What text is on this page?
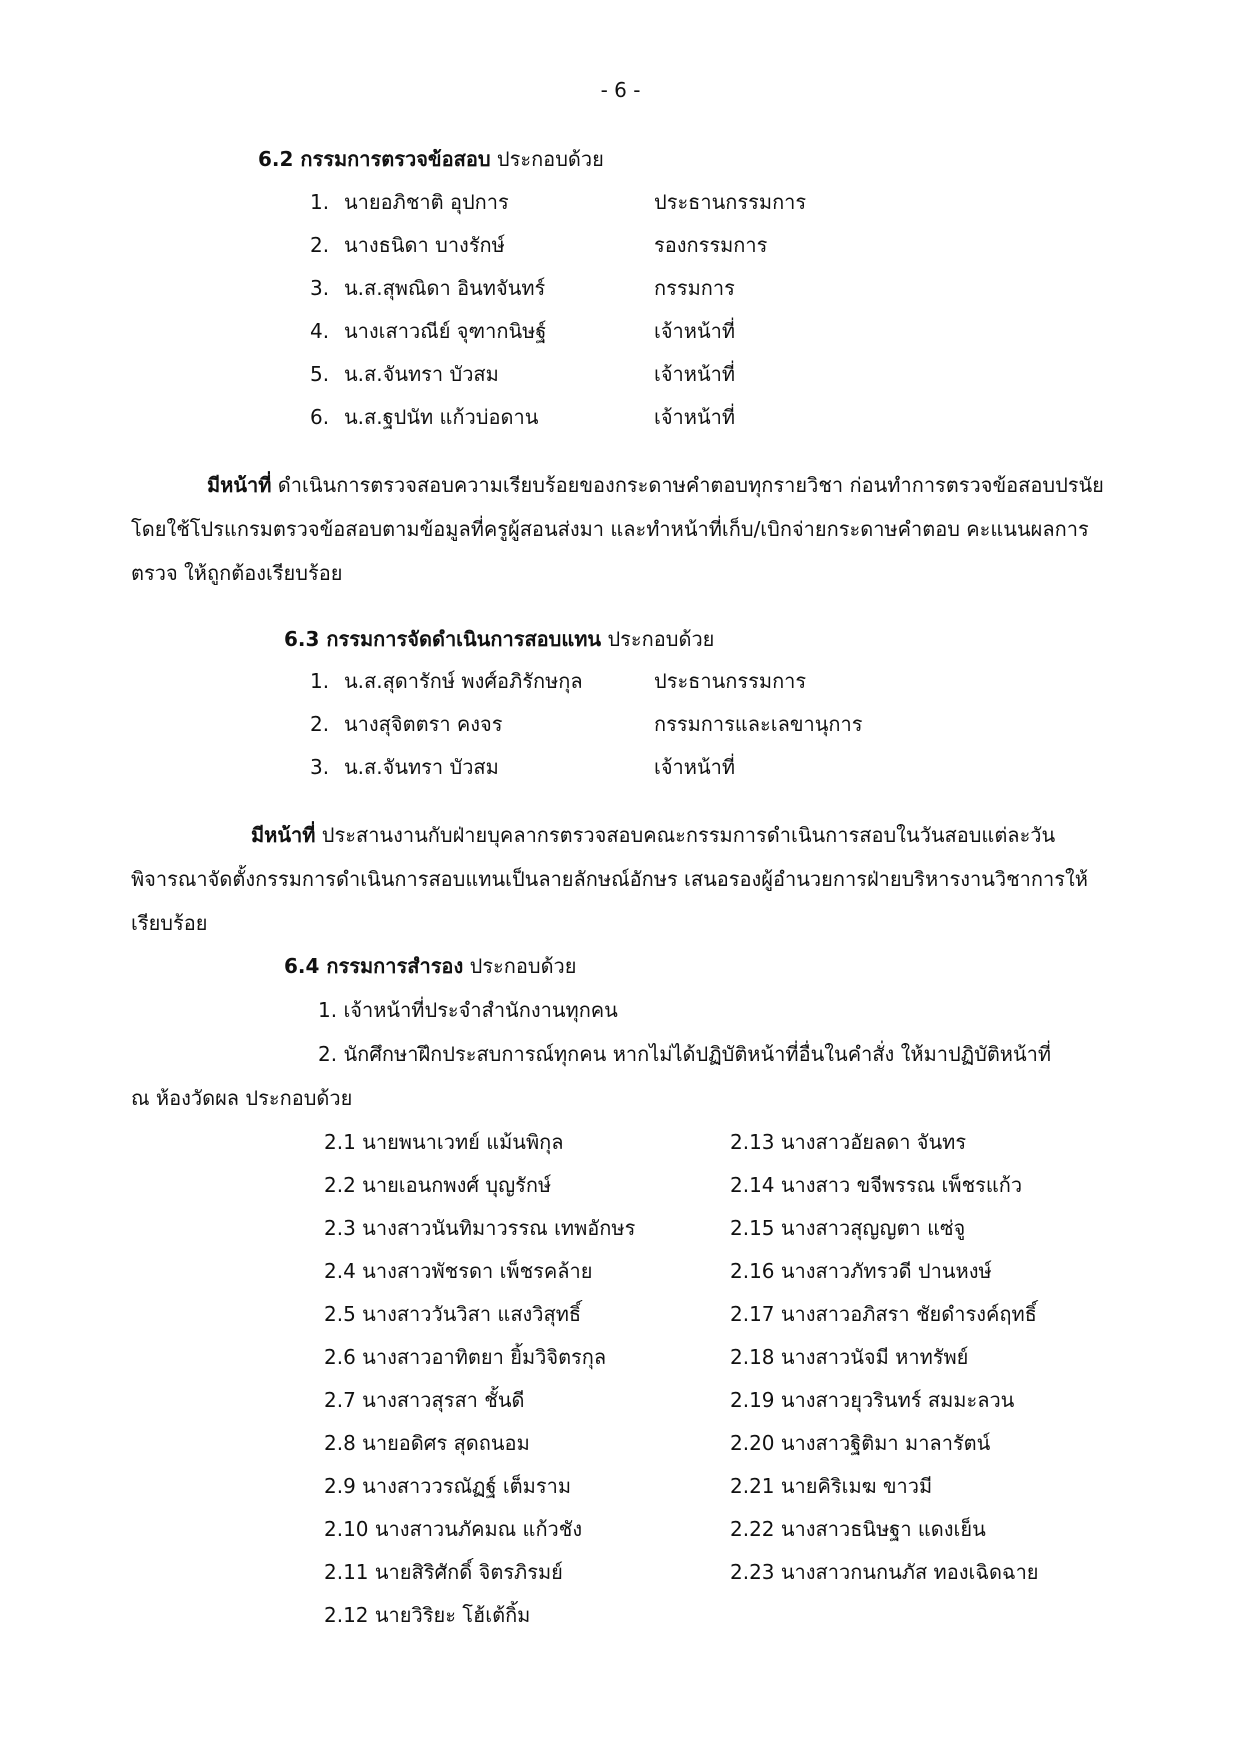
- 6 -
6.2 กรรมการตรวจข้อสอบ ประกอบด้วย
1. นายอภิชาติ อุปการ	ประธานกรรมการ
2. นางธนิดา บางรักษ์	รองกรรมการ
3. น.ส.สุพณิดา อินทจันทร์	กรรมการ
4. นางเสาวณีย์ จุฑากนิษฐ์	เจ้าหน้าที่
5. น.ส.จันทรา บัวสม	เจ้าหน้าที่
6. น.ส.ฐปนัท แก้วบ่อดาน	เจ้าหน้าที่
มีหน้าที่ ดำเนินการตรวจสอบความเรียบร้อยของกระดาษคำตอบทุกรายวิชา ก่อนทำการตรวจข้อสอบปรนัย
โดยใช้โปรแกรมตรวจข้อสอบตามข้อมูลที่ครูผู้สอนส่งมา และทำหน้าที่เก็บ/เบิกจ่ายกระดาษคำตอบ คะแนนผลการ
ตรวจ ให้ถูกต้องเรียบร้อย
6.3 กรรมการจัดดำเนินการสอบแทน ประกอบด้วย
1. น.ส.สุดารักษ์ พงศ์อภิรักษกุล	ประธานกรรมการ
2. นางสุจิตตรา คงจร	กรรมการและเลขานุการ
3. น.ส.จันทรา บัวสม	เจ้าหน้าที่
มีหน้าที่ ประสานงานกับฝ่ายบุคลากรตรวจสอบคณะกรรมการดำเนินการสอบในวันสอบแต่ละวัน
พิจารณาจัดตั้งกรรมการดำเนินการสอบแทนเป็นลายลักษณ์อักษร เสนอรองผู้อำนวยการฝ่ายบริหารงานวิชาการให้
เรียบร้อย
6.4 กรรมการสำรอง ประกอบด้วย
1. เจ้าหน้าที่ประจำสำนักงานทุกคน
2. นักศึกษาฝึกประสบการณ์ทุกคน หากไม่ได้ปฏิบัติหน้าที่อื่นในคำสั่ง ให้มาปฏิบัติหน้าที่
ณ ห้องวัดผล ประกอบด้วย
2.1 นายพนาเวทย์ แม้นพิกุล
2.2 นายเอนกพงศ์ บุญรักษ์
2.3 นางสาวนันทิมาวรรณ เทพอักษร
2.4 นางสาวพัชรดา เพ็ชรคล้าย
2.5 นางสาววันวิสา แสงวิสุทธิ์
2.6 นางสาวอาทิตยา ยิ้มวิจิตรกุล
2.7 นางสาวสุรสา ชั้นดี
2.8 นายอดิศร สุดถนอม
2.9 นางสาววรณัฏฐ์ เต็มราม
2.10 นางสาวนภัคมณ แก้วชัง
2.11 นายสิริศักดิ์ จิตรภิรมย์
2.12 นายวิริยะ โฮ้เต้กิ้ม
2.13 นางสาวอัยลดา จันทร
2.14 นางสาว ขจีพรรณ เพ็ชรแก้ว
2.15 นางสาวสุญญตา แซ่จู
2.16 นางสาวภัทรวดี ปานหงษ์
2.17 นางสาวอภิสรา ชัยดำรงค์ฤทธิ์
2.18 นางสาวนัจมี หาทรัพย์
2.19 นางสาวยุวรินทร์ สมมะลวน
2.20 นางสาวฐิติมา มาลารัตน์
2.21 นายคิริเมฆ ขาวมี
2.22 นางสาวธนิษฐา แดงเย็น
2.23 นางสาวกนกนภัส ทองเฉิดฉาย
